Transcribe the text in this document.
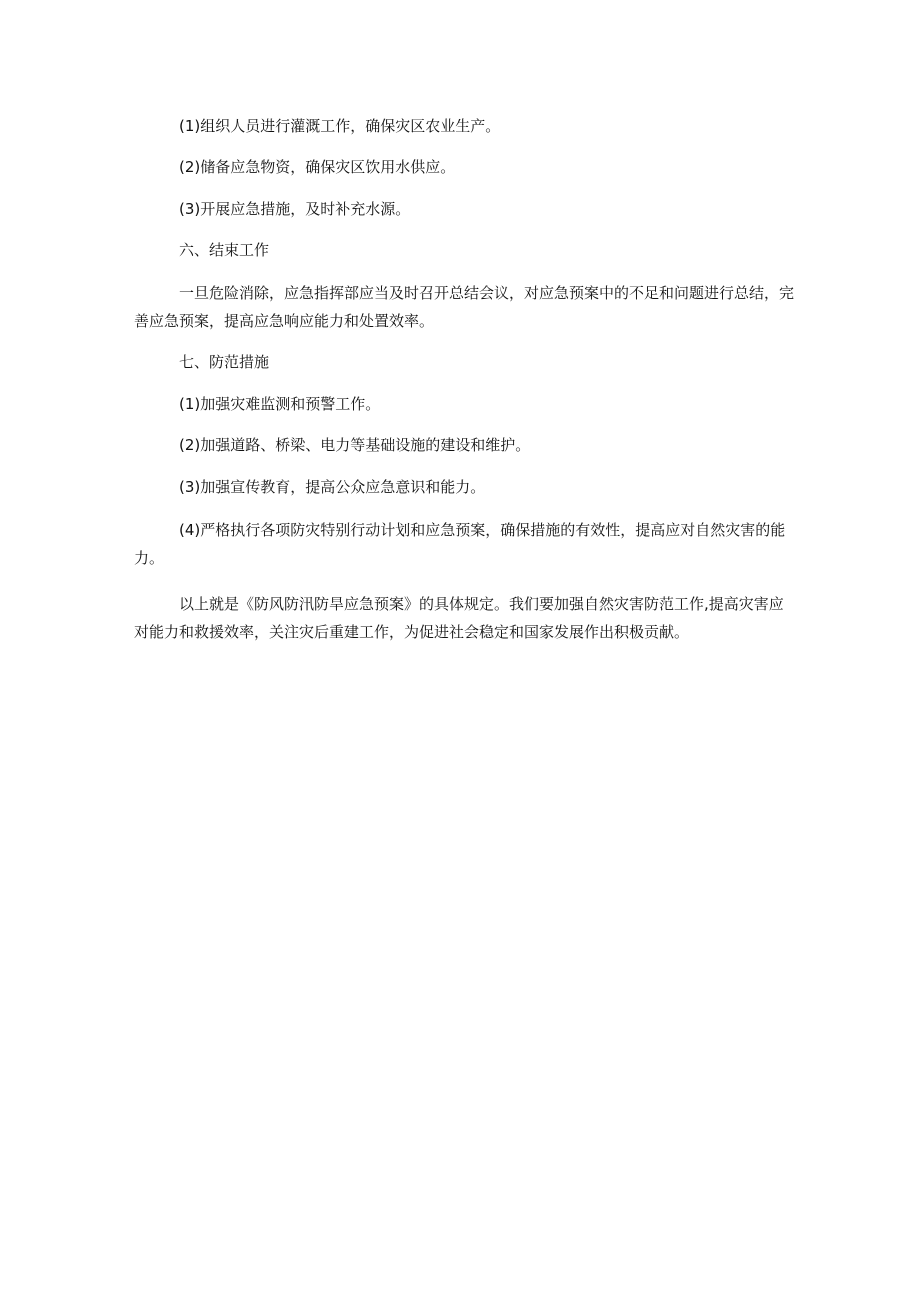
(1)组织人员进行灌溉工作，确保灾区农业生产。

(2)储备应急物资，确保灾区饮用水供应。

(3)开展应急措施，及时补充水源。

六、结束工作

一旦危险消除，应急指挥部应当及时召开总结会议，对应急预案中的不足和问题进行总结，完善应急预案，提高应急响应能力和处置效率。

七、防范措施

(1)加强灾难监测和预警工作。

(2)加强道路、桥梁、电力等基础设施的建设和维护。

(3)加强宣传教育，提高公众应急意识和能力。

(4)严格执行各项防灾特别行动计划和应急预案，确保措施的有效性，提高应对自然灾害的能力。

以上就是《防风防汛防旱应急预案》的具体规定。我们要加强自然灾害防范工作,提高灾害应对能力和救援效率，关注灾后重建工作，为促进社会稳定和国家发展作出积极贡献。
